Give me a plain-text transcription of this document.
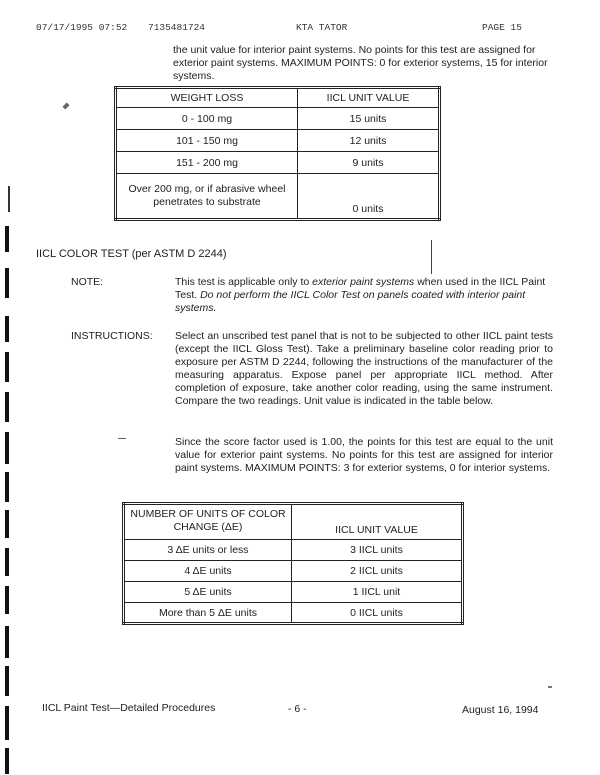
07/17/1995 07:52 7135481724	KTA TATOR	PAGE 15

the unit value for interior paint systems. No points for this test are assigned for exterior paint systems. MAXIMUM POINTS: 0 for exterior systems, 15 for interior systems.

WEIGHT LOSS	IICL UNIT VALUE
0 - 100 mg	15 units
101 - 150 mg	12 units
151 - 200 mg	9 units
Over 200 mg, or if abrasive wheel penetrates to substrate	0 units
IICL COLOR TEST (per ASTM D 2244)
NOTE:	This test is applicable only to exterior paint systems when used in the IICL Paint Test. Do not perform the IICL Color Test on panels coated with interior paint systems.

INSTRUCTIONS: Select an unscribed test panel that is not to be subjected to other IICL paint tests (except the IICL Gloss Test). Take a preliminary baseline color reading prior to exposure per ASTM D 2244, following the instructions of the manufacturer of the measuring apparatus. Expose panel per appropriate IICL method. After completion of exposure, take another color reading, using the same instrument. Compare the two readings. Unit value is indicated in the table below.

Since the score factor used is 1.00, the points for this test are equal to the unit value for exterior paint systems. No points for this test are assigned for interior paint systems. MAXIMUM POINTS: 3 for exterior systems, 0 for interior systems.

NUMBER OF UNITS OF COLOR CHANGE (ΔE)	IICL UNIT VALUE
3 ΔE units or less	3 IICL units
4 ΔE units	2 IICL units
5 ΔE units	1 IICL unit
More than 5 ΔE units	0 IICL units
IICL Paint Test—Detailed Procedures	- 6 -	August 16, 1994
